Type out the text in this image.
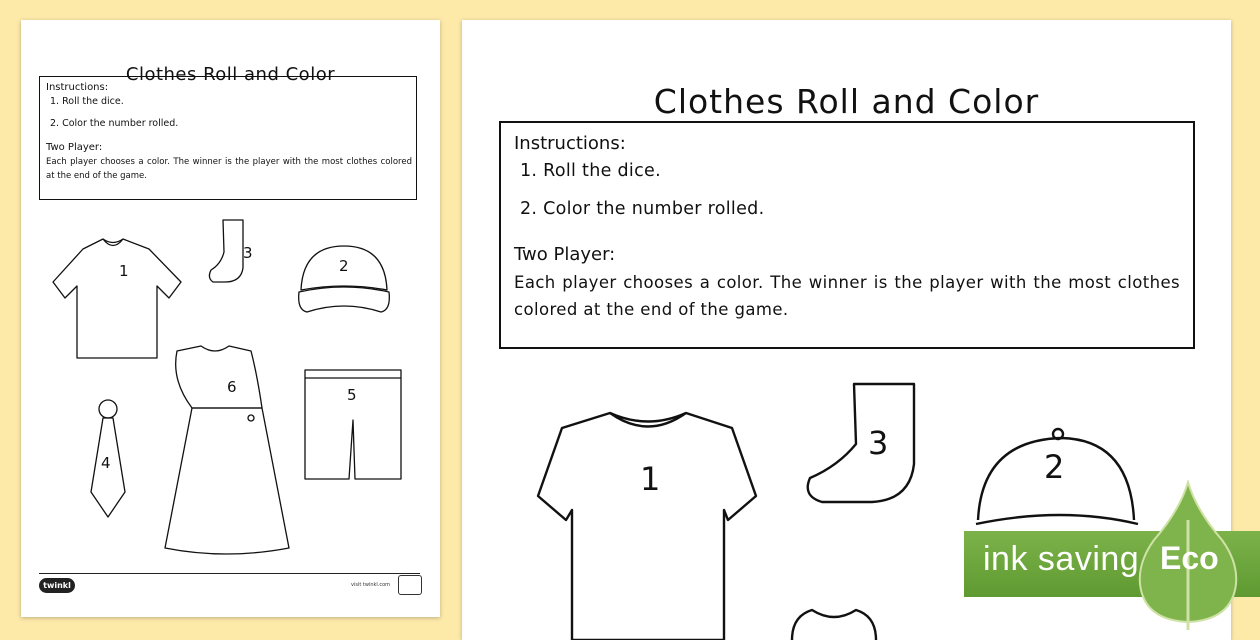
Clothes Roll and Color
Instructions:
1. Roll the dice.
2. Color the number rolled.
Two Player:
Each player chooses a color. The winner is the player with the most clothes colored at the end of the game.
1
3
2
6
4
5
twinkl	visit twinkl.com
Clothes Roll and Color
Instructions:
1. Roll the dice.
2. Color the number rolled.
Two Player:
Each player chooses a color. The winner is the player with the most clothes colored at the end of the game.
1
3
2
ink saving Eco
